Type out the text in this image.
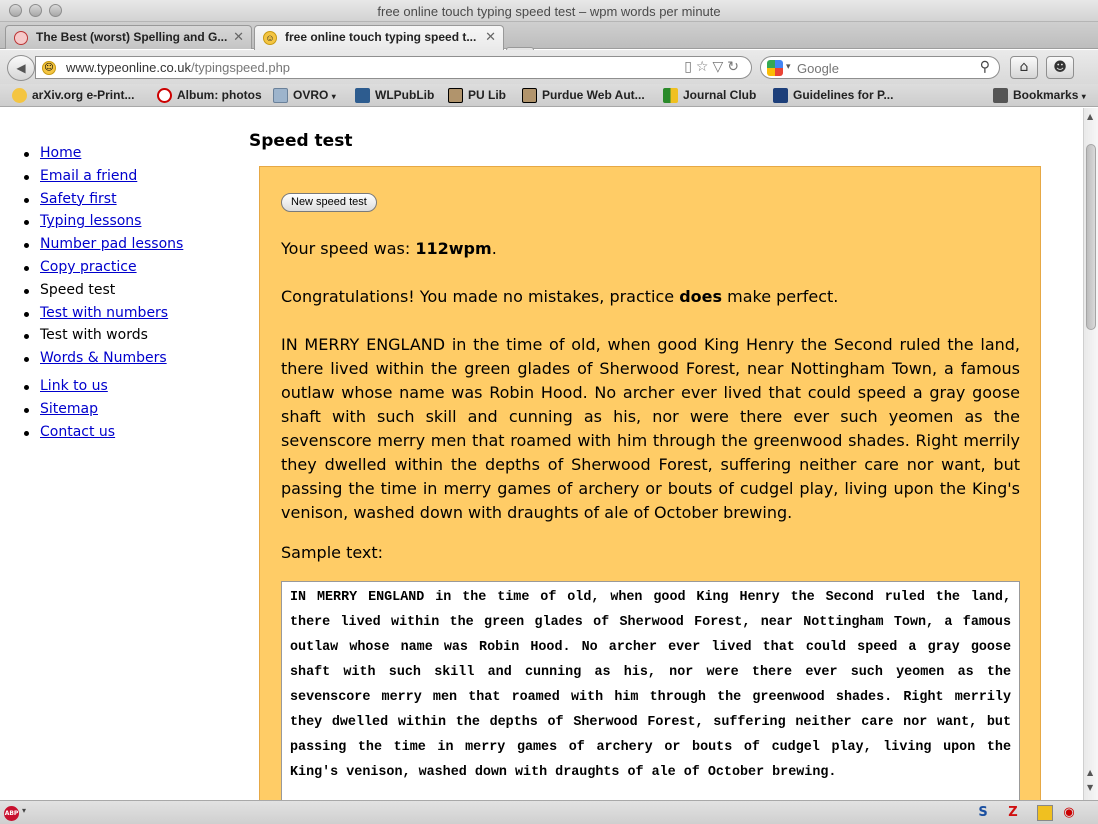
free online touch typing speed test – wpm words per minute
The Best (worst) Spelling and G... ✕ ☺ free online touch typing speed t... ✕
◀	☺ www.typeonline.co.uk/typingspeed.php	▯☆▽↻	▾
Google	⚲	⌂	☻
arXiv.org e-Print...	Album: photos	OVRO ▾	WLPubLib	PU Lib	Purdue Web Aut...	Journal Club	Guidelines for P...	Bookmarks ▾
Home
Email a friend
Safety first
Typing lessons
Number pad lessons
Copy practice
Speed test
Test with numbers
Test with words
Words & Numbers
Link to us
Sitemap
Contact us
Speed test
New speed test

Your speed was: 112wpm.

Congratulations! You made no mistakes, practice does make perfect.

IN MERRY ENGLAND in the time of old, when good King Henry the Second ruled the land, there lived within the green glades of Sherwood Forest, near Nottingham Town, a famous outlaw whose name was Robin Hood. No archer ever lived that could speed a gray goose shaft with such skill and cunning as his, nor were there ever such yeomen as the sevenscore merry men that roamed with him through the greenwood shades. Right merrily they dwelled within the depths of Sherwood Forest, suffering neither care nor want, but passing the time in merry games of archery or bouts of cudgel play, living upon the King's venison, washed down with draughts of ale of October brewing.

Sample text:

IN MERRY ENGLAND in the time of old, when good King Henry the Second ruled the land, there lived within the green glades of Sherwood Forest, near Nottingham Town, a famous outlaw whose name was Robin Hood. No archer ever lived that could speed a gray goose shaft with such skill and cunning as his, nor were there ever such yeomen as the sevenscore merry men that roamed with him through the greenwood shades. Right merrily they dwelled within the depths of Sherwood Forest, suffering neither care nor want, but passing the time in merry games of archery or bouts of cudgel play, living upon the King's venison, washed down with draughts of ale of October brewing.
▲
▲
▼
ABP ▾	S Z	◉
